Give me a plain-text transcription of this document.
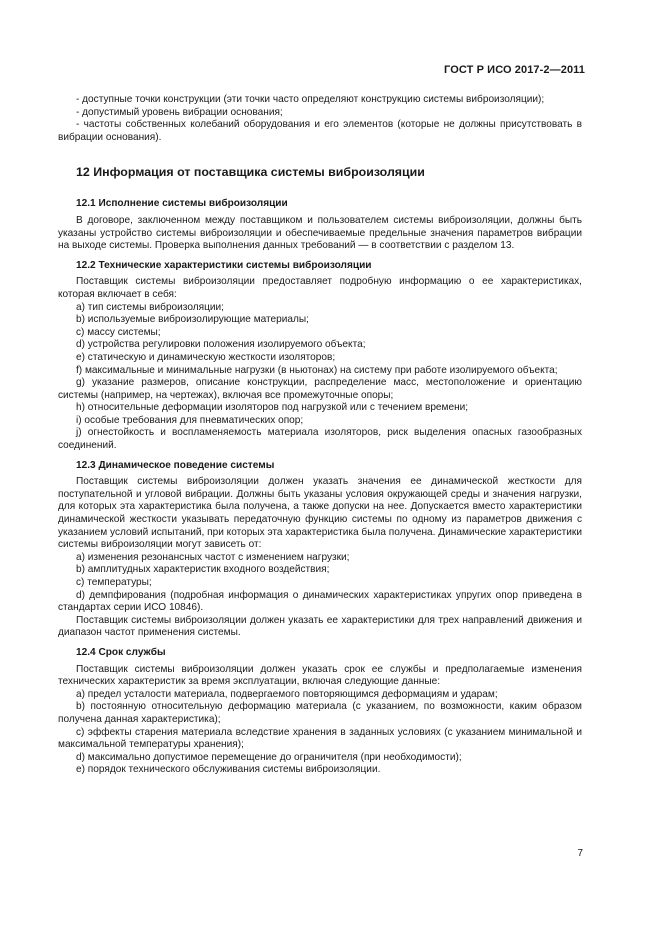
ГОСТ Р ИСО 2017-2—2011

- доступные точки конструкции (эти точки часто определяют конструкцию системы виброизоляции);

- допустимый уровень вибрации основания;

- частоты собственных колебаний оборудования и его элементов (которые не должны присутствовать в вибрации основания).

12 Информация от поставщика системы виброизоляции
12.1 Исполнение системы виброизоляции

В договоре, заключенном между поставщиком и пользователем системы виброизоляции, должны быть указаны устройство системы виброизоляции и обеспечиваемые предельные значения параметров вибрации на выходе системы. Проверка выполнения данных требований — в соответствии с разделом 13.

12.2 Технические характеристики системы виброизоляции

Поставщик системы виброизоляции предоставляет подробную информацию о ее характеристиках, которая включает в себя:

a) тип системы виброизоляции;

b) используемые виброизолирующие материалы;

c) массу системы;

d) устройства регулировки положения изолируемого объекта;

e) статическую и динамическую жесткости изоляторов;

f) максимальные и минимальные нагрузки (в ньютонах) на систему при работе изолируемого объекта;

g) указание размеров, описание конструкции, распределение масс, местоположение и ориентацию системы (например, на чертежах), включая все промежуточные опоры;

h) относительные деформации изоляторов под нагрузкой или с течением времени;

i) особые требования для пневматических опор;

j) огнестойкость и воспламеняемость материала изоляторов, риск выделения опасных газообразных соединений.

12.3 Динамическое поведение системы

Поставщик системы виброизоляции должен указать значения ее динамической жесткости для поступательной и угловой вибрации. Должны быть указаны условия окружающей среды и значения нагрузки, для которых эта характеристика была получена, а также допуски на нее. Допускается вместо характеристики динамической жесткости указывать передаточную функцию системы по одному из параметров движения с указанием условий испытаний, при которых эта характеристика была получена. Динамические характеристики системы виброизоляции могут зависеть от:

a) изменения резонансных частот с изменением нагрузки;

b) амплитудных характеристик входного воздействия;

c) температуры;

d) демпфирования (подробная информация о динамических характеристиках упругих опор приведена в стандартах серии ИСО 10846).

Поставщик системы виброизоляции должен указать ее характеристики для трех направлений движения и диапазон частот применения системы.

12.4 Срок службы

Поставщик системы виброизоляции должен указать срок ее службы и предполагаемые изменения технических характеристик за время эксплуатации, включая следующие данные:

a) предел усталости материала, подвергаемого повторяющимся деформациям и ударам;

b) постоянную относительную деформацию материала (с указанием, по возможности, каким образом получена данная характеристика);

c) эффекты старения материала вследствие хранения в заданных условиях (с указанием минимальной и максимальной температуры хранения);

d) максимально допустимое перемещение до ограничителя (при необходимости);

e) порядок технического обслуживания системы виброизоляции.

7
